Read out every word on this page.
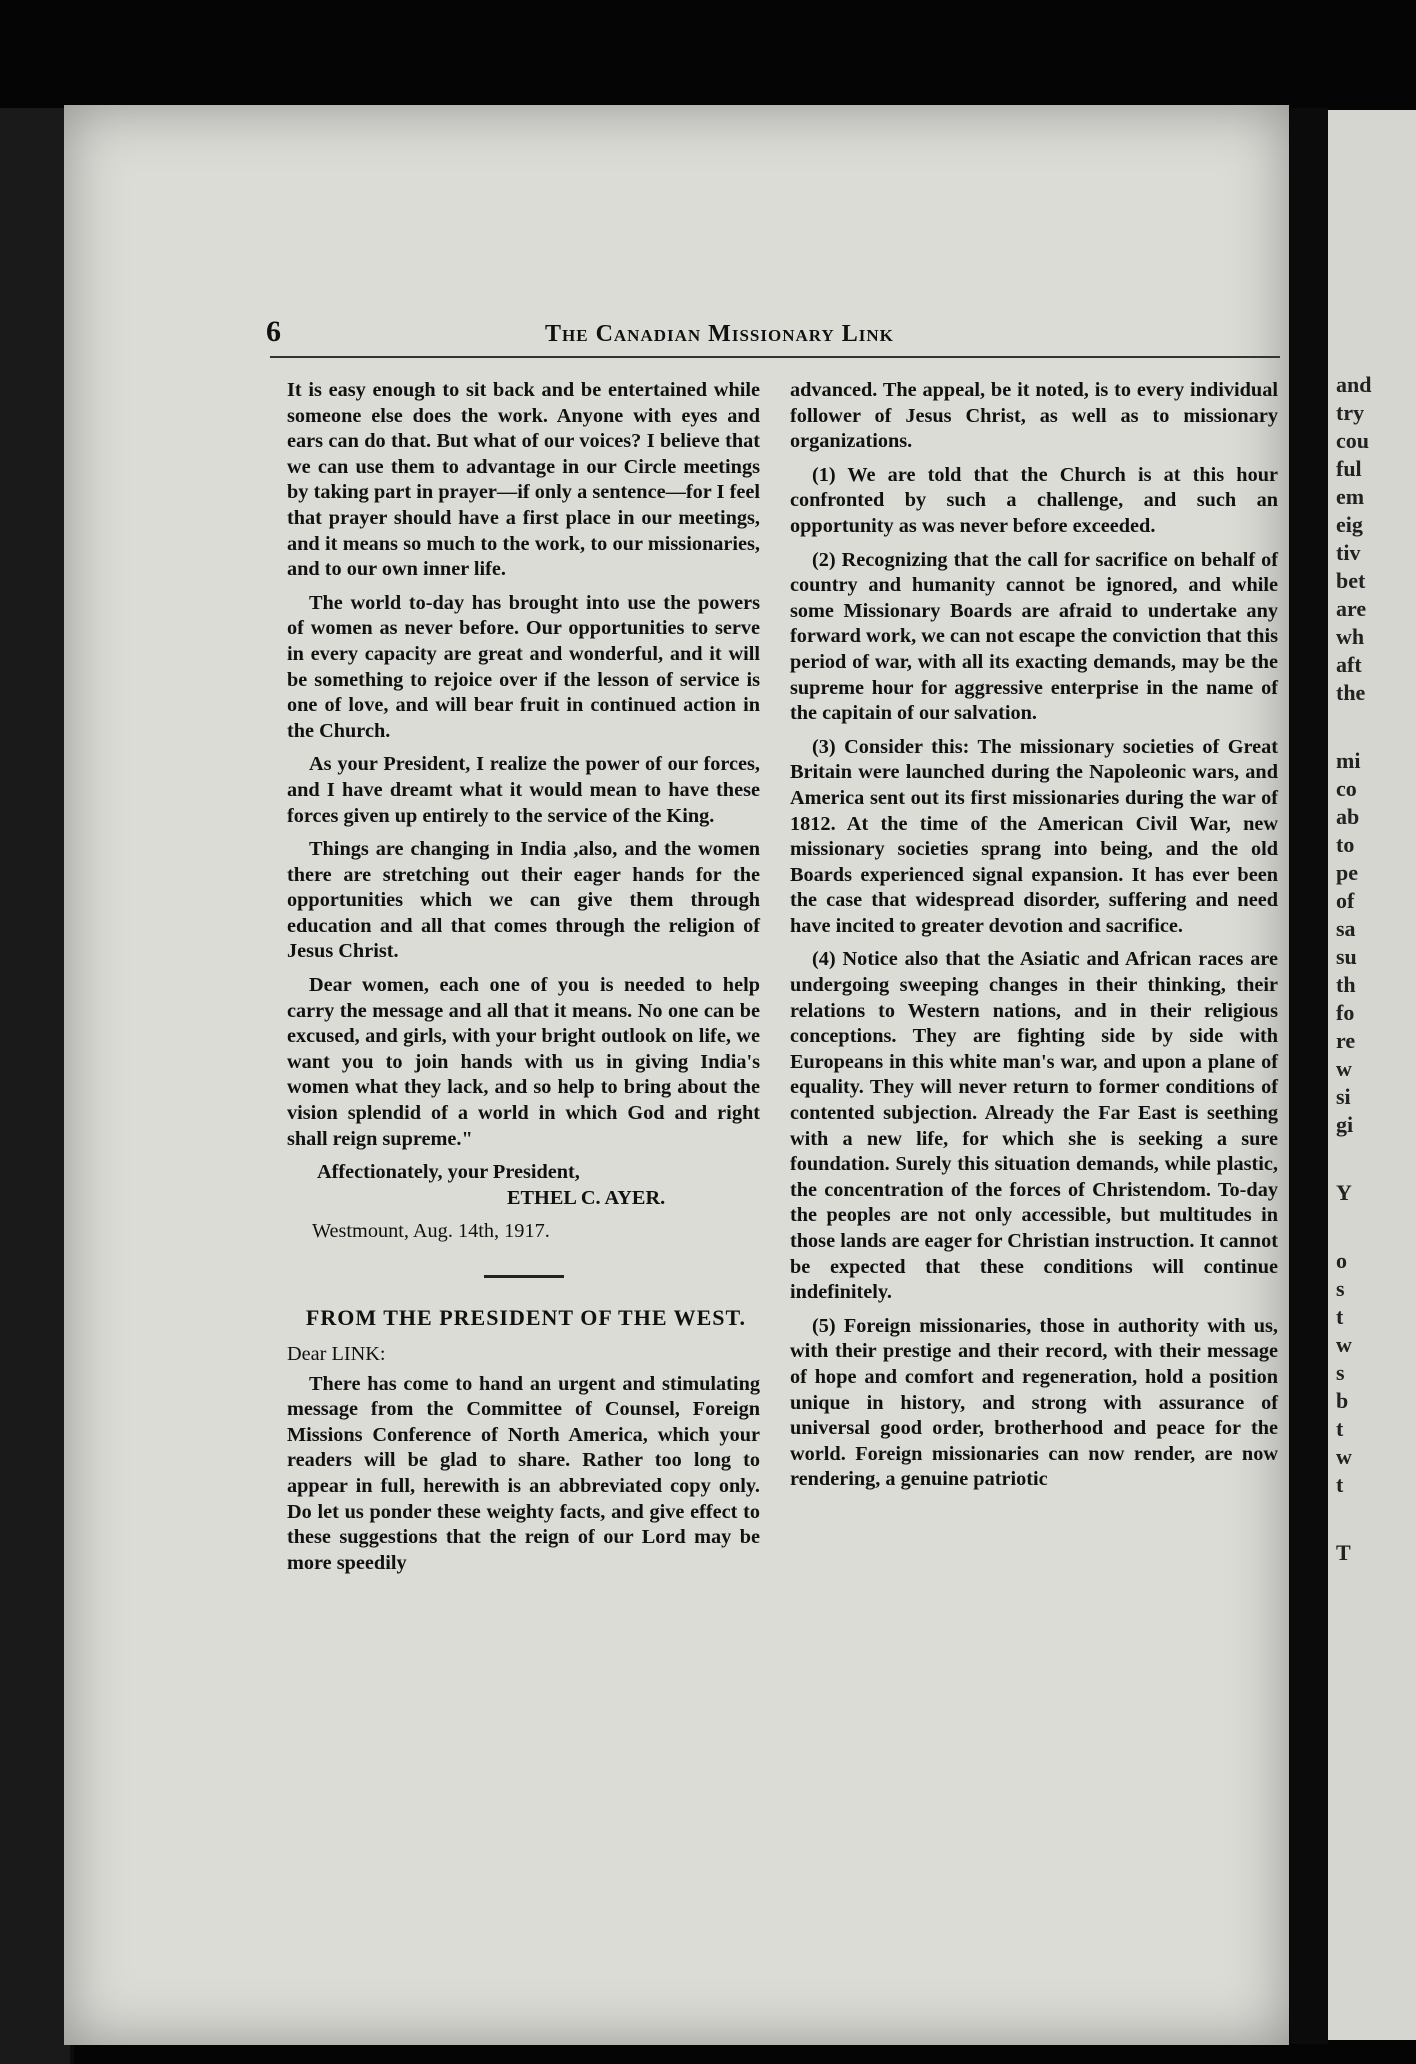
6	The Canadian Missionary Link

It is easy enough to sit back and be entertained while someone else does the work. Anyone with eyes and ears can do that. But what of our voices? I believe that we can use them to advantage in our Circle meetings by taking part in prayer—if only a sentence—for I feel that prayer should have a first place in our meetings, and it means so much to the work, to our missionaries, and to our own inner life.

The world to-day has brought into use the powers of women as never before. Our opportunities to serve in every capacity are great and wonderful, and it will be something to rejoice over if the lesson of service is one of love, and will bear fruit in continued action in the Church.

As your President, I realize the power of our forces, and I have dreamt what it would mean to have these forces given up entirely to the service of the King.

Things are changing in India ,also, and the women there are stretching out their eager hands for the opportunities which we can give them through education and all that comes through the religion of Jesus Christ.

Dear women, each one of you is needed to help carry the message and all that it means. No one can be excused, and girls, with your bright outlook on life, we want you to join hands with us in giving India's women what they lack, and so help to bring about the vision splendid of a world in which God and right shall reign supreme."

Affectionately, your President,
ETHEL C. AYER.
Westmount, Aug. 14th, 1917.
FROM THE PRESIDENT OF THE WEST.
Dear LINK:

There has come to hand an urgent and stimulating message from the Committee of Counsel, Foreign Missions Conference of North America, which your readers will be glad to share. Rather too long to appear in full, herewith is an abbreviated copy only. Do let us ponder these weighty facts, and give effect to these suggestions that the reign of our Lord may be more speedily

advanced. The appeal, be it noted, is to every individual follower of Jesus Christ, as well as to missionary organizations.

(1) We are told that the Church is at this hour confronted by such a challenge, and such an opportunity as was never before exceeded.

(2) Recognizing that the call for sacrifice on behalf of country and humanity cannot be ignored, and while some Missionary Boards are afraid to undertake any forward work, we can not escape the conviction that this period of war, with all its exacting demands, may be the supreme hour for aggressive enterprise in the name of the capitain of our salvation.

(3) Consider this: The missionary societies of Great Britain were launched during the Napoleonic wars, and America sent out its first missionaries during the war of 1812. At the time of the American Civil War, new missionary societies sprang into being, and the old Boards experienced signal expansion. It has ever been the case that widespread disorder, suffering and need have incited to greater devotion and sacrifice.

(4) Notice also that the Asiatic and African races are undergoing sweeping changes in their thinking, their relations to Western nations, and in their religious conceptions. They are fighting side by side with Europeans in this white man's war, and upon a plane of equality. They will never return to former conditions of contented subjection. Already the Far East is seething with a new life, for which she is seeking a sure foundation. Surely this situation demands, while plastic, the concentration of the forces of Christendom. To-day the peoples are not only accessible, but multitudes in those lands are eager for Christian instruction. It cannot be expected that these conditions will continue indefinitely.

(5) Foreign missionaries, those in authority with us, with their prestige and their record, with their message of hope and comfort and regeneration, hold a position unique in history, and strong with assurance of universal good order, brotherhood and peace for the world. Foreign missionaries can now render, are now rendering, a genuine patriotic

and
try
cou
ful
em
eig
tiv
bet
are
wh
aft
the
mi
co
ab
to
pe
of
sa
su
th
fo
re
w
si
gi
Y
o
s
t
w
s
b
t
w
t
T
